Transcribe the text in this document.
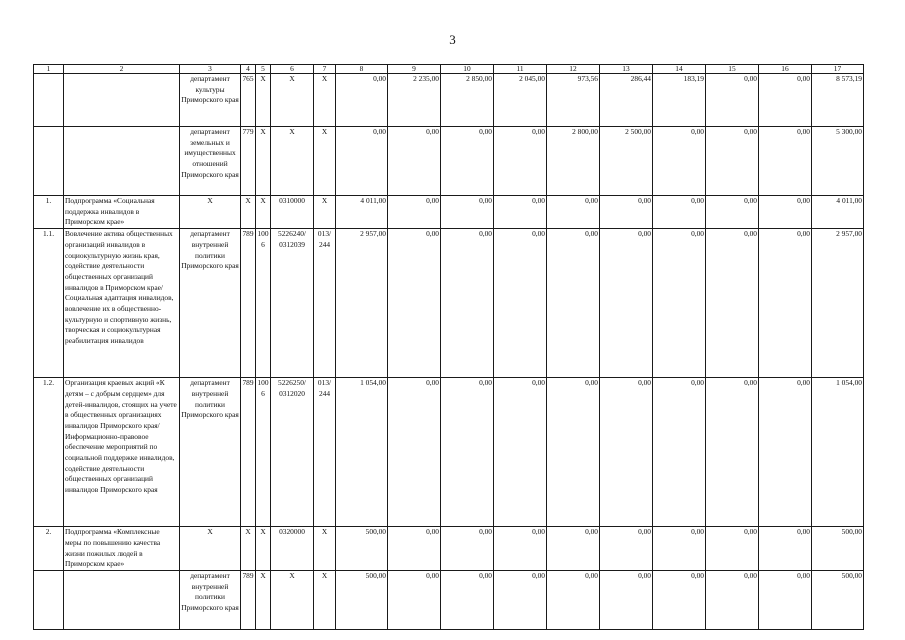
3
1	2	3	4	5	6	7	8	9	10	11	12	13	14	15	16	17
		департамент культуры Приморского края	765	X	X	X	0,00	2 235,00	2 850,00	2 045,00	973,56	286,44	183,19	0,00	0,00	8 573,19
		департамент земельных и имущественных отношений Приморского края	779	X	X	X	0,00	0,00	0,00	0,00	2 800,00	2 500,00	0,00	0,00	0,00	5 300,00
1.	Подпрограмма «Социальная поддержка инвалидов в Приморском крае»	X	X	X	0310000	X	4 011,00	0,00	0,00	0,00	0,00	0,00	0,00	0,00	0,00	4 011,00
1.1.	Вовлечение актива общественных организаций инвалидов в социокультурную жизнь края, содействие деятельности общественных организаций инвалидов в Приморском крае/ Социальная адаптация инвалидов, вовлечение их в общественно-культурную и спортивную жизнь, творческая и социокультурная реабилитация инвалидов	департамент внутренней политики Приморского края	789	1006	5226240/ 0312039	013/ 244	2 957,00	0,00	0,00	0,00	0,00	0,00	0,00	0,00	0,00	2 957,00
1.2.	Организация краевых акций «К детям – с добрым сердцем» для детей-инвалидов, стоящих на учете в общественных организациях инвалидов Приморского края/ Информационно-правовое обеспечение мероприятий по социальной поддержке инвалидов, содействие деятельности общественных организаций инвалидов Приморского края	департамент внутренней политики Приморского края	789	1006	5226250/ 0312020	013/ 244	1 054,00	0,00	0,00	0,00	0,00	0,00	0,00	0,00	0,00	1 054,00
2.	Подпрограмма «Комплексные меры по повышению качества жизни пожилых людей в Приморском крае»	X	X	X	0320000	X	500,00	0,00	0,00	0,00	0,00	0,00	0,00	0,00	0,00	500,00
		департамент внутренней политики Приморского края	789	X	X	X	500,00	0,00	0,00	0,00	0,00	0,00	0,00	0,00	0,00	500,00
